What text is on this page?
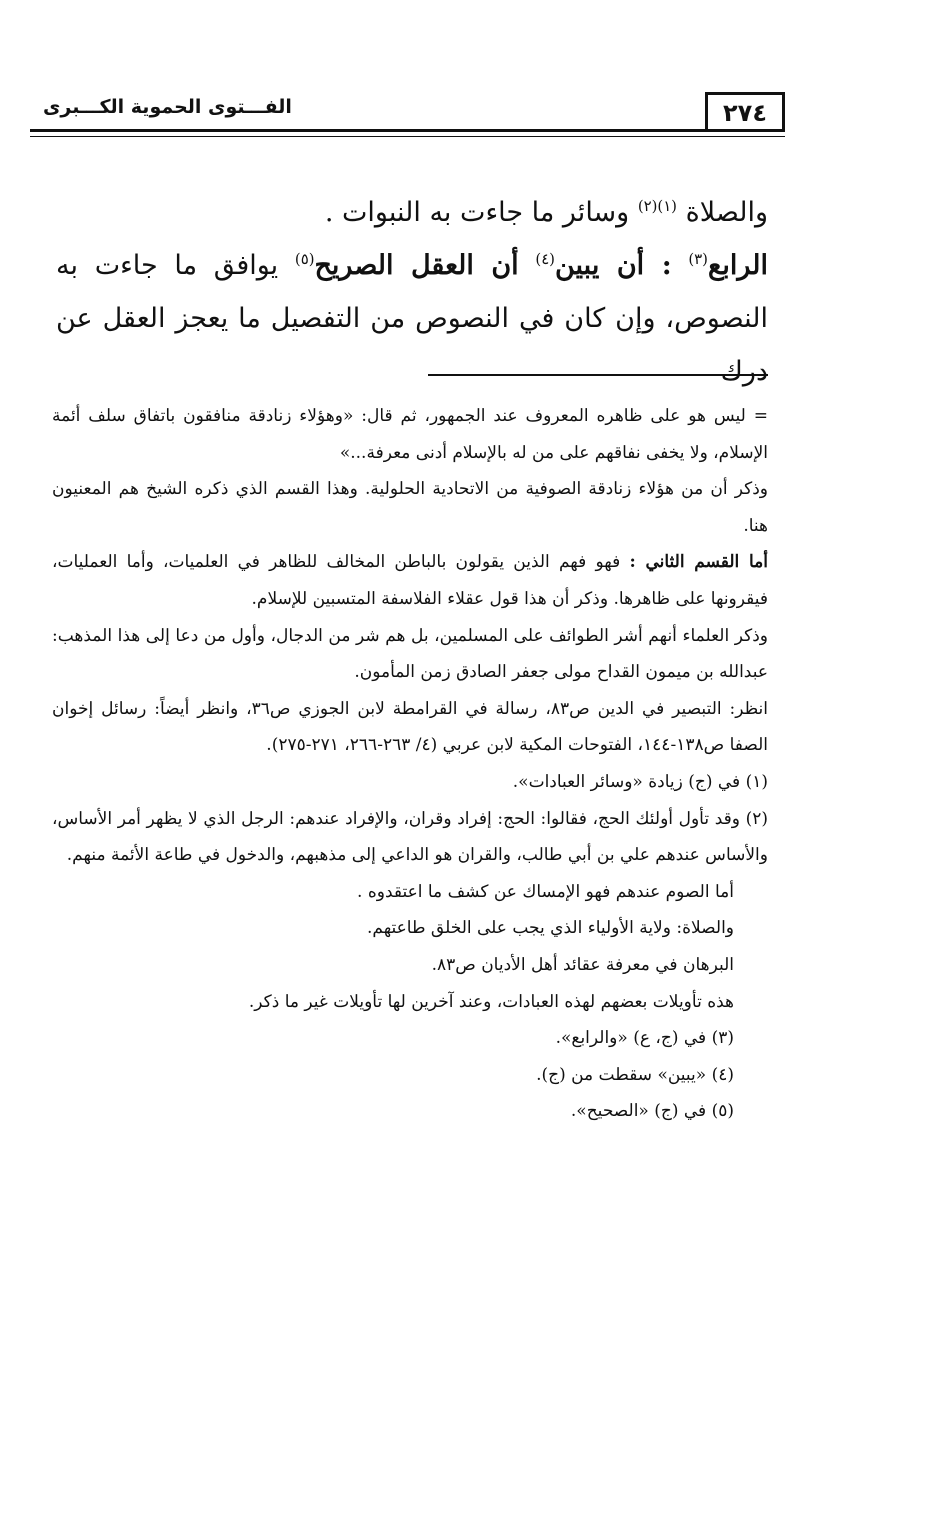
٢٧٤
الفـــتوى الحموية الكـــبرى

والصلاة $^{(١)(٢)}$ وسائر ما جاءت به النبوات .

الرابع$^{(٣)}$ : أن يبين$^{(٤)}$ أن العقل الصريح$^{(٥)}$ يوافق ما جاءت به النصوص، وإن كان في النصوص من التفصيل ما يعجز العقل عن درك

= ليس هو على ظاهره المعروف عند الجمهور، ثم قال: «وهؤلاء زنادقة منافقون باتفاق سلف أئمة الإسلام، ولا يخفى نفاقهم على من له بالإسلام أدنى معرفة...»

وذكر أن من هؤلاء زنادقة الصوفية من الاتحادية الحلولية. وهذا القسم الذي ذكره الشيخ هم المعنيون هنا.

أما القسم الثاني : فهو فهم الذين يقولون بالباطن المخالف للظاهر في العلميات، وأما العمليات، فيقرونها على ظاهرها. وذكر أن هذا قول عقلاء الفلاسفة المتسبين للإسلام.

وذكر العلماء أنهم أشر الطوائف على المسلمين، بل هم شر من الدجال، وأول من دعا إلى هذا المذهب: عبدالله بن ميمون القداح مولى جعفر الصادق زمن المأمون.

انظر: التبصير في الدين ص٨٣، رسالة في القرامطة لابن الجوزي ص٣٦، وانظر أيضاً: رسائل إخوان الصفا ص١٣٨-١٤٤، الفتوحات المكية لابن عربي (٤/ ٢٦٣-٢٦٦، ٢٧١-٢٧٥).

(١) في (ج) زيادة «وسائر العبادات».

(٢) وقد تأول أولئك الحج، فقالوا: الحج: إفراد وقران، والإفراد عندهم: الرجل الذي لا يظهر أمر الأساس، والأساس عندهم علي بن أبي طالب، والقران هو الداعي إلى مذهبهم، والدخول في طاعة الأئمة منهم.

أما الصوم عندهم فهو الإمساك عن كشف ما اعتقدوه .

والصلاة: ولاية الأولياء الذي يجب على الخلق طاعتهم.

البرهان في معرفة عقائد أهل الأديان ص٨٣.

هذه تأويلات بعضهم لهذه العبادات، وعند آخرين لها تأويلات غير ما ذكر.

(٣) في (ج، ع) «والرابع».

(٤) «يبين» سقطت من (ج).

(٥) في (ج) «الصحيح».
